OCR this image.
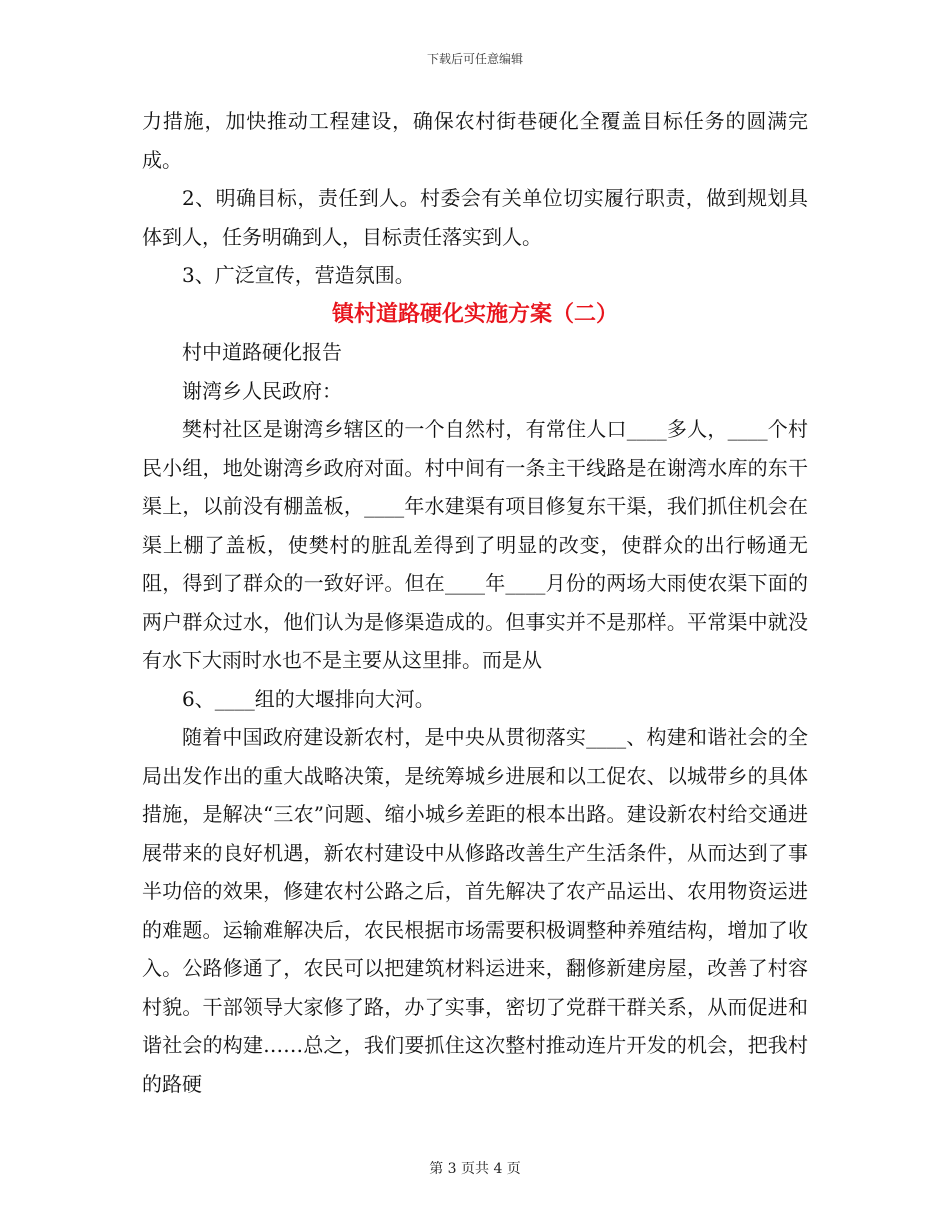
下载后可任意编辑

力措施，加快推动工程建设，确保农村街巷硬化全覆盖目标任务的圆满完成。

2、明确目标，责任到人。村委会有关单位切实履行职责，做到规划具体到人，任务明确到人，目标责任落实到人。

3、广泛宣传，营造氛围。

镇村道路硬化实施方案（二）

村中道路硬化报告

谢湾乡人民政府：

樊村社区是谢湾乡辖区的一个自然村，有常住人口____多人，____个村民小组，地处谢湾乡政府对面。村中间有一条主干线路是在谢湾水库的东干渠上，以前没有棚盖板，____年水建渠有项目修复东干渠，我们抓住机会在渠上棚了盖板，使樊村的脏乱差得到了明显的改变，使群众的出行畅通无阻，得到了群众的一致好评。但在____年____月份的两场大雨使农渠下面的两户群众过水，他们认为是修渠造成的。但事实并不是那样。平常渠中就没有水下大雨时水也不是主要从这里排。而是从

6、____组的大堰排向大河。

随着中国政府建设新农村，是中央从贯彻落实____、构建和谐社会的全局出发作出的重大战略决策，是统筹城乡进展和以工促农、以城带乡的具体措施，是解决“三农”问题、缩小城乡差距的根本出路。建设新农村给交通进展带来的良好机遇，新农村建设中从修路改善生产生活条件，从而达到了事半功倍的效果，修建农村公路之后，首先解决了农产品运出、农用物资运进的难题。运输难解决后，农民根据市场需要积极调整种养殖结构，增加了收入。公路修通了，农民可以把建筑材料运进来，翻修新建房屋，改善了村容村貌。干部领导大家修了路，办了实事，密切了党群干群关系，从而促进和谐社会的构建……总之，我们要抓住这次整村推动连片开发的机会，把我村的路硬

第 3 页共 4 页
